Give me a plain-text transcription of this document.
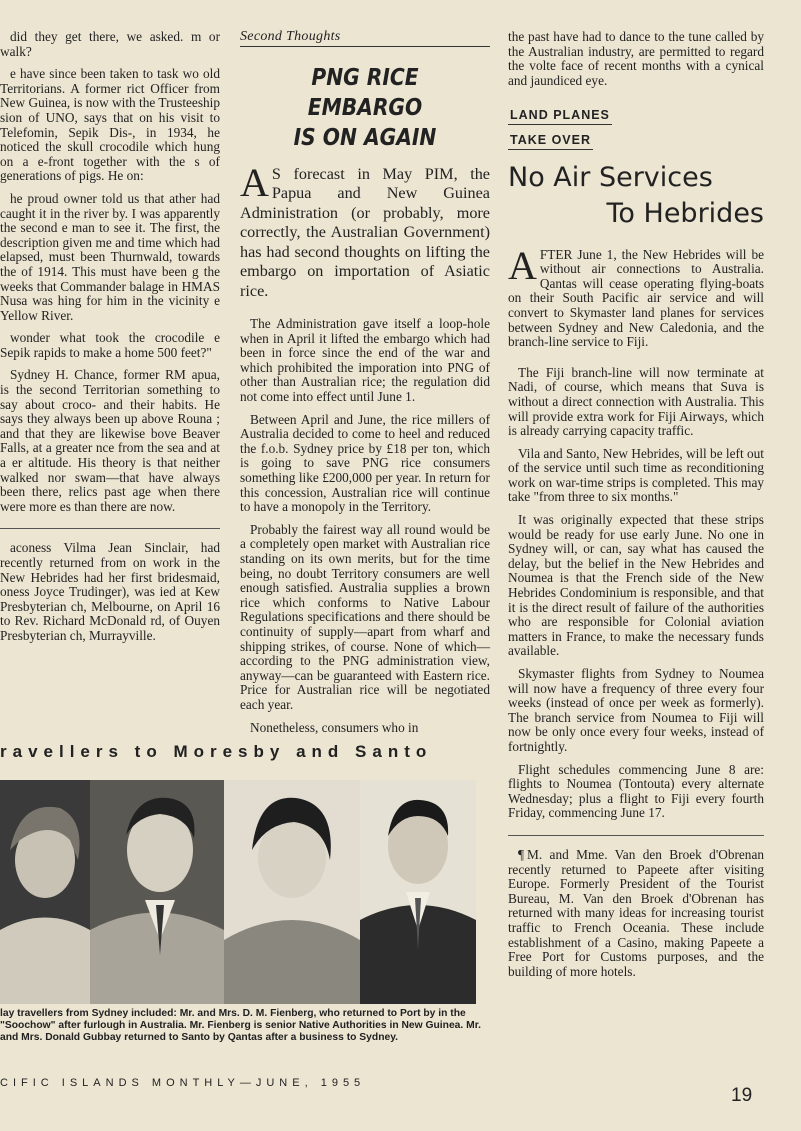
did they get there, we asked. m or walk?

e have since been taken to task wo old Territorians. A former rict Officer from New Guinea, is now with the Trusteeship sion of UNO, says that on his visit to Telefomin, Sepik Dis-, in 1934, he noticed the skull crocodile which hung on a e-front together with the s of generations of pigs. He on:

he proud owner told us that ather had caught it in the river by. I was apparently the second e man to see it. The first, the description given me and time which had elapsed, must been Thurnwald, towards the of 1914. This must have been g the weeks that Commander balage in HMAS Nusa was hing for him in the vicinity e Yellow River.

wonder what took the crocodile e Sepik rapids to make a home 500 feet?"

Sydney H. Chance, former RM apua, is the second Territorian something to say about croco- and their habits. He says they always been up above Rouna ; and that they are likewise bove Beaver Falls, at a greater nce from the sea and at a er altitude. His theory is that neither walked nor swam—that have always been there, relics past age when there were more es than there are now.

aconess Vilma Jean Sinclair, had recently returned from on work in the New Hebrides had her first bridesmaid, oness Joyce Trudinger), was ied at Kew Presbyterian ch, Melbourne, on April 16 to Rev. Richard McDonald rd, of Ouyen Presbyterian ch, Murrayville.

Second Thoughts
PNG RICE EMBARGO
IS ON AGAIN

A S forecast in May PIM, the Papua and New Guinea Administration (or probably, more correctly, the Australian Government) has had second thoughts on lifting the embargo on importation of Asiatic rice.

The Administration gave itself a loop-hole when in April it lifted the embargo which had been in force since the end of the war and which prohibited the imporation into PNG of other than Australian rice; the regulation did not come into effect until June 1.

Between April and June, the rice millers of Australia decided to come to heel and reduced the f.o.b. Sydney price by £18 per ton, which is going to save PNG rice consumers something like £200,000 per year. In return for this concession, Australian rice will continue to have a monopoly in the Territory.

Probably the fairest way all round would be a completely open market with Australian rice standing on its own merits, but for the time being, no doubt Territory consumers are well enough satisfied. Australia supplies a brown rice which conforms to Native Labour Regulations specifications and there should be continuity of supply—apart from wharf and shipping strikes, of course. None of which—according to the PNG administration view, anyway—can be guaranteed with Eastern rice. Price for Australian rice will be negotiated each year.

Nonetheless, consumers who in

the past have had to dance to the tune called by the Australian industry, are permitted to regard the volte face of recent months with a cynical and jaundiced eye.

LAND PLANES
TAKE OVER
No Air Services
To Hebrides

AFTER June 1, the New Hebrides will be without air connections to Australia. Qantas will cease operating flying-boats on their South Pacific air service and will convert to Skymaster land planes for services between Sydney and New Caledonia, and the branch-line service to Fiji.

The Fiji branch-line will now terminate at Nadi, of course, which means that Suva is without a direct connection with Australia. This will provide extra work for Fiji Airways, which is already carrying capacity traffic.

Vila and Santo, New Hebrides, will be left out of the service until such time as reconditioning work on war-time strips is completed. This may take "from three to six months."

It was originally expected that these strips would be ready for use early June. No one in Sydney will, or can, say what has caused the delay, but the belief in the New Hebrides and Noumea is that the French side of the New Hebrides Condominium is responsible, and that it is the direct result of failure of the authorities who are responsible for Colonial aviation matters in France, to make the necessary funds available.

Skymaster flights from Sydney to Noumea will now have a frequency of three every four weeks (instead of once per week as formerly). The branch service from Noumea to Fiji will now be only once every four weeks, instead of fortnightly.

Flight schedules commencing June 8 are: flights to Noumea (Tontouta) every alternate Wednesday; plus a flight to Fiji every fourth Friday, commencing June 17.

¶ M. and Mme. Van den Broek d'Obrenan recently returned to Papeete after visiting Europe. Formerly President of the Tourist Bureau, M. Van den Broek d'Obrenan has returned with many ideas for increasing tourist traffic to French Oceania. These include establishment of a Casino, making Papeete a Free Port for Customs purposes, and the building of more hotels.

ravellers to Moresby and Santo
lay travellers from Sydney included: Mr. and Mrs. D. M. Fienberg, who returned to Port by in the "Soochow" after furlough in Australia. Mr. Fienberg is senior Native Authorities in New Guinea. Mr. and Mrs. Donald Gubbay returned to Santo by Qantas after a business to Sydney.
CIFIC ISLANDS MONTHLY—JUNE, 1955
19
